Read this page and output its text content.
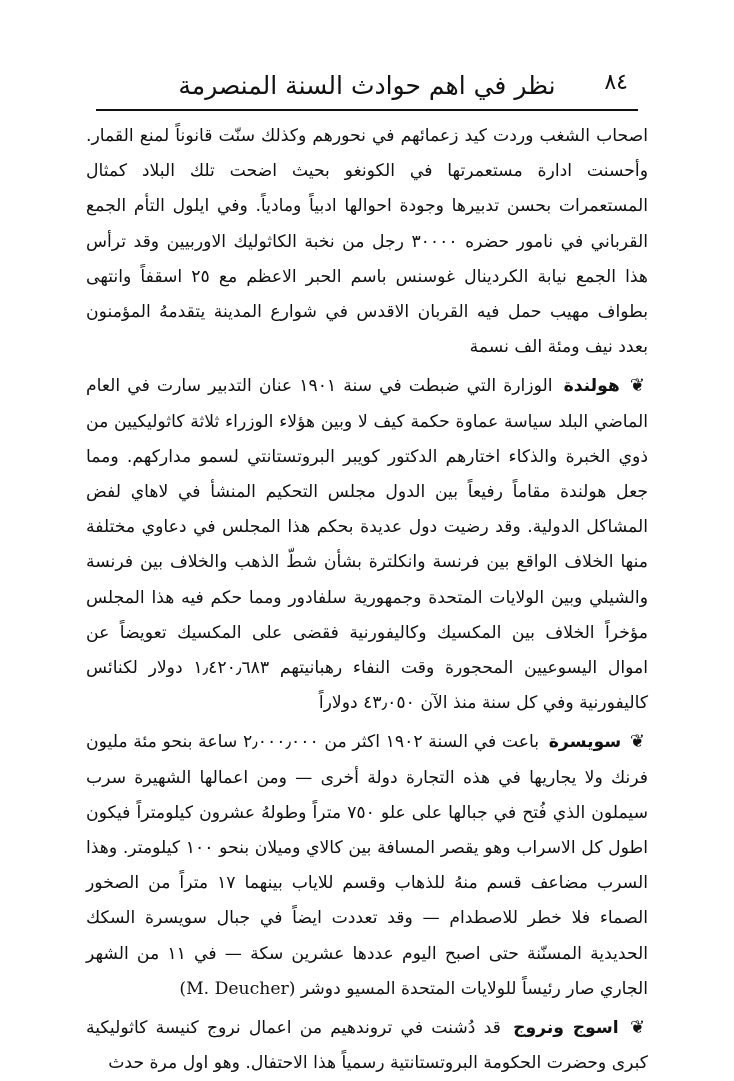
نظر في اهم حوادث السنة المنصرمة ٨٤

اصحاب الشغب وردت كيد زعمائهم في نحورهم وكذلك سنّت قانوناً لمنع القمار. وأحسنت ادارة مستعمرتها في الكونغو بحيث اضحت تلك البلاد كمثال المستعمرات بحسن تدبيرها وجودة احوالها ادبياً ومادياً. وفي ايلول التأم الجمع القرباني في نامور حضره ٣٠٠٠٠ رجل من نخبة الكاثوليك الاوربيين وقد ترأس هذا الجمع نيابة الكردينال غوسنس باسم الحبر الاعظم مع ٢٥ اسقفاً وانتهى بطواف مهيب حمل فيه القربان الاقدس في شوارع المدينة يتقدمهُ المؤمنون بعدد نيف ومئة الف نسمة

❦ هولندة الوزارة التي ضبطت في سنة ١٩٠١ عنان التدبير سارت في العام الماضي البلد سياسة عماوة حكمة كيف لا وبين هؤلاء الوزراء ثلاثة كاثوليكيين من ذوي الخبرة والذكاء اختارهم الدكتور كويبر البروتستانتي لسمو مداركهم. ومما جعل هولندة مقاماً رفيعاً بين الدول مجلس التحكيم المنشأ في لاهاي لفض المشاكل الدولية. وقد رضيت دول عديدة بحكم هذا المجلس في دعاوي مختلفة منها الخلاف الواقع بين فرنسة وانكلترة بشأن شطّ الذهب والخلاف بين فرنسة والشيلي وبين الولايات المتحدة وجمهورية سلفادور ومما حكم فيه هذا المجلس مؤخراً الخلاف بين المكسيك وكاليفورنية فقضى على المكسيك تعويضاً عن اموال اليسوعيين المحجورة وقت النفاء رهبانيتهم ١٫٤٢٠٫٦٨٣ دولار لكنائس كاليفورنية وفي كل سنة منذ الآن ٤٣٫٠٥٠ دولاراً

❦ سويسرة باعت في السنة ١٩٠٢ اكثر من ٢٫٠٠٠٫٠٠٠ ساعة بنحو مئة مليون فرنك ولا يجاريها في هذه التجارة دولة أخرى — ومن اعمالها الشهيرة سرب سيملون الذي فُتح في جبالها على علو ٧٥٠ متراً وطولهُ عشرون كيلومتراً فيكون اطول كل الاسراب وهو يقصر المسافة بين كالاي وميلان بنحو ١٠٠ كيلومتر. وهذا السرب مضاعف قسم منهُ للذهاب وقسم للاياب بينهما ١٧ متراً من الصخور الصماء فلا خطر للاصطدام — وقد تعددت ايضاً في جبال سويسرة السكك الحديدية المسنّنة حتى اصبح اليوم عددها عشرين سكة — في ١١ من الشهر الجاري صار رئيساً للولايات المتحدة المسيو دوشر (M. Deucher)

❦ اسوج ونروج قد دُشنت في تروندهيم من اعمال نروج كنيسة كاثوليكية كبرى وحضرت الحكومة البروتستانتية رسمياً هذا الاحتفال. وهو اول مرة حدث
